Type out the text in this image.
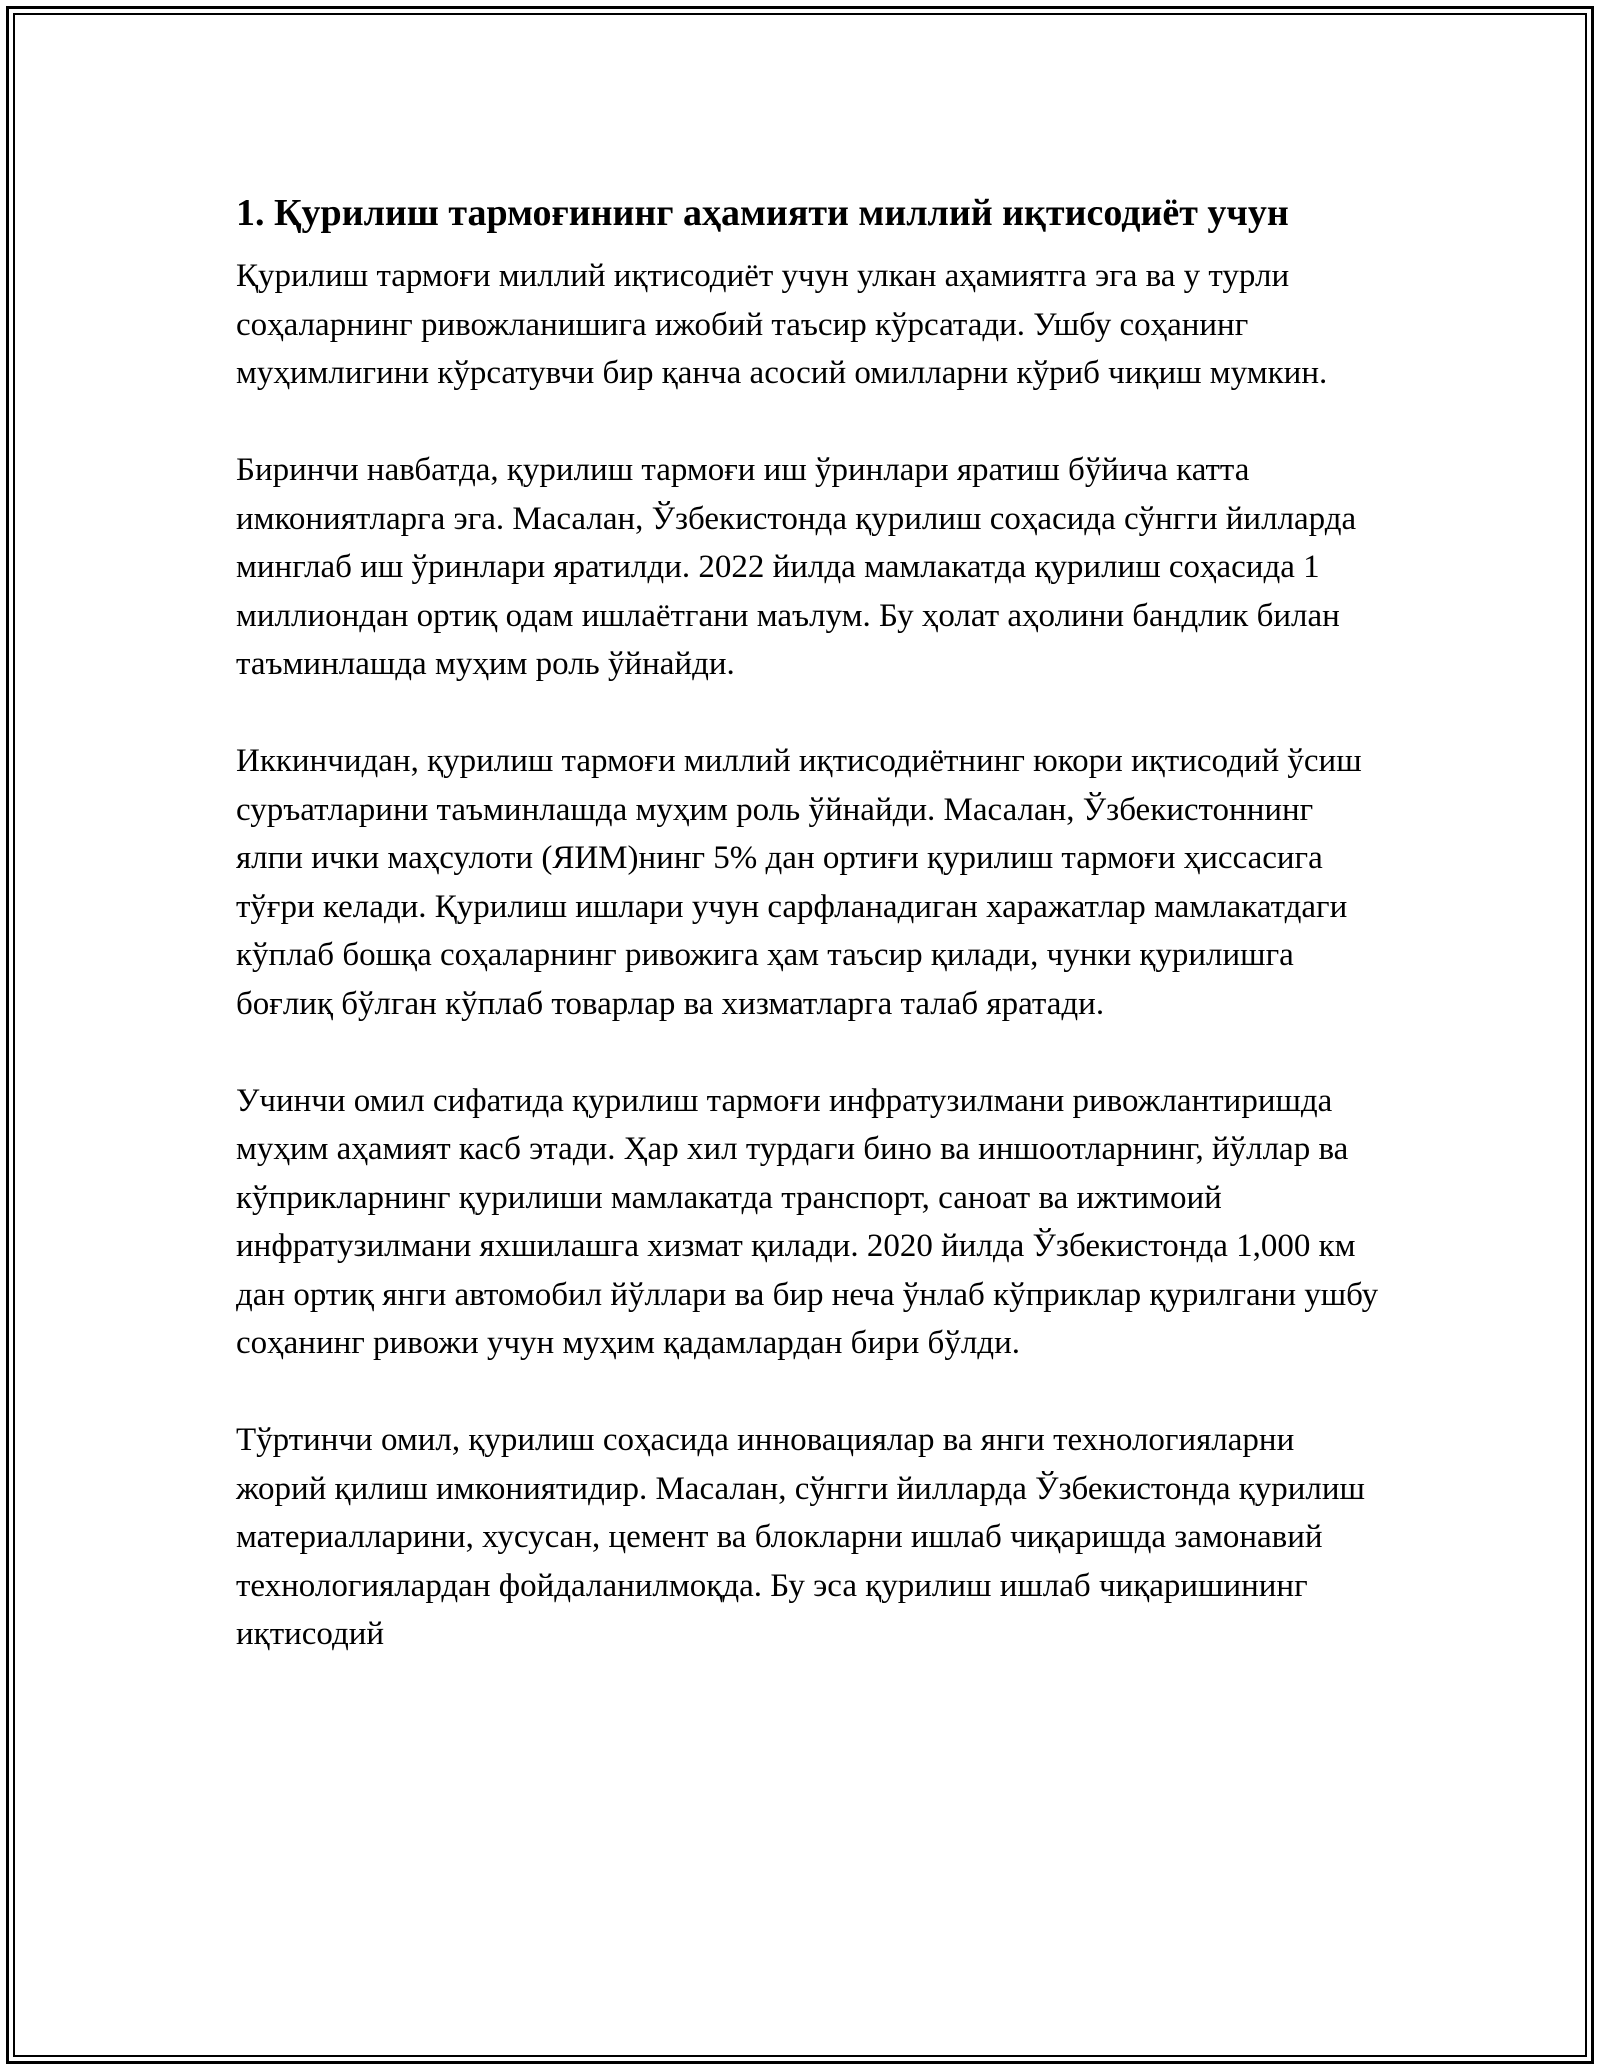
1. Қурилиш тармоғининг аҳамияти миллий иқтисодиёт учун

Қурилиш тармоғи миллий иқтисодиёт учун улкан аҳамиятга эга ва у турли соҳаларнинг ривожланишига ижобий таъсир кўрсатади. Ушбу соҳанинг муҳимлигини кўрсатувчи бир қанча асосий омилларни кўриб чиқиш мумкин.

Биринчи навбатда, қурилиш тармоғи иш ўринлари яратиш бўйича катта имкониятларга эга. Масалан, Ўзбекистонда қурилиш соҳасида сўнгги йилларда минглаб иш ўринлари яратилди. 2022 йилда мамлакатда қурилиш соҳасида 1 миллиондан ортиқ одам ишлаётгани маълум. Бу ҳолат аҳолини бандлик билан таъминлашда муҳим роль ўйнайди.

Иккинчидан, қурилиш тармоғи миллий иқтисодиётнинг юкори иқтисодий ўсиш суръатларини таъминлашда муҳим роль ўйнайди. Масалан, Ўзбекистоннинг ялпи ички маҳсулоти (ЯИМ)нинг 5% дан ортиғи қурилиш тармоғи ҳиссасига тўғри келади. Қурилиш ишлари учун сарфланадиган харажатлар мамлакатдаги кўплаб бошқа соҳаларнинг ривожига ҳам таъсир қилади, чунки қурилишга боғлиқ бўлган кўплаб товарлар ва хизматларга талаб яратади.

Учинчи омил сифатида қурилиш тармоғи инфратузилмани ривожлантиришда муҳим аҳамият касб этади. Ҳар хил турдаги бино ва иншоотларнинг, йўллар ва кўприкларнинг қурилиши мамлакатда транспорт, саноат ва ижтимоий инфратузилмани яхшилашга хизмат қилади. 2020 йилда Ўзбекистонда 1,000 км дан ортиқ янги автомобил йўллари ва бир неча ўнлаб кўприклар қурилгани ушбу соҳанинг ривожи учун муҳим қадамлардан бири бўлди.

Тўртинчи омил, қурилиш соҳасида инновациялар ва янги технологияларни жорий қилиш имкониятидир. Масалан, сўнгги йилларда Ўзбекистонда қурилиш материалларини, хусусан, цемент ва блокларни ишлаб чиқаришда замонавий технологиялардан фойдаланилмоқда. Бу эса қурилиш ишлаб чиқаришининг иқтисодий
